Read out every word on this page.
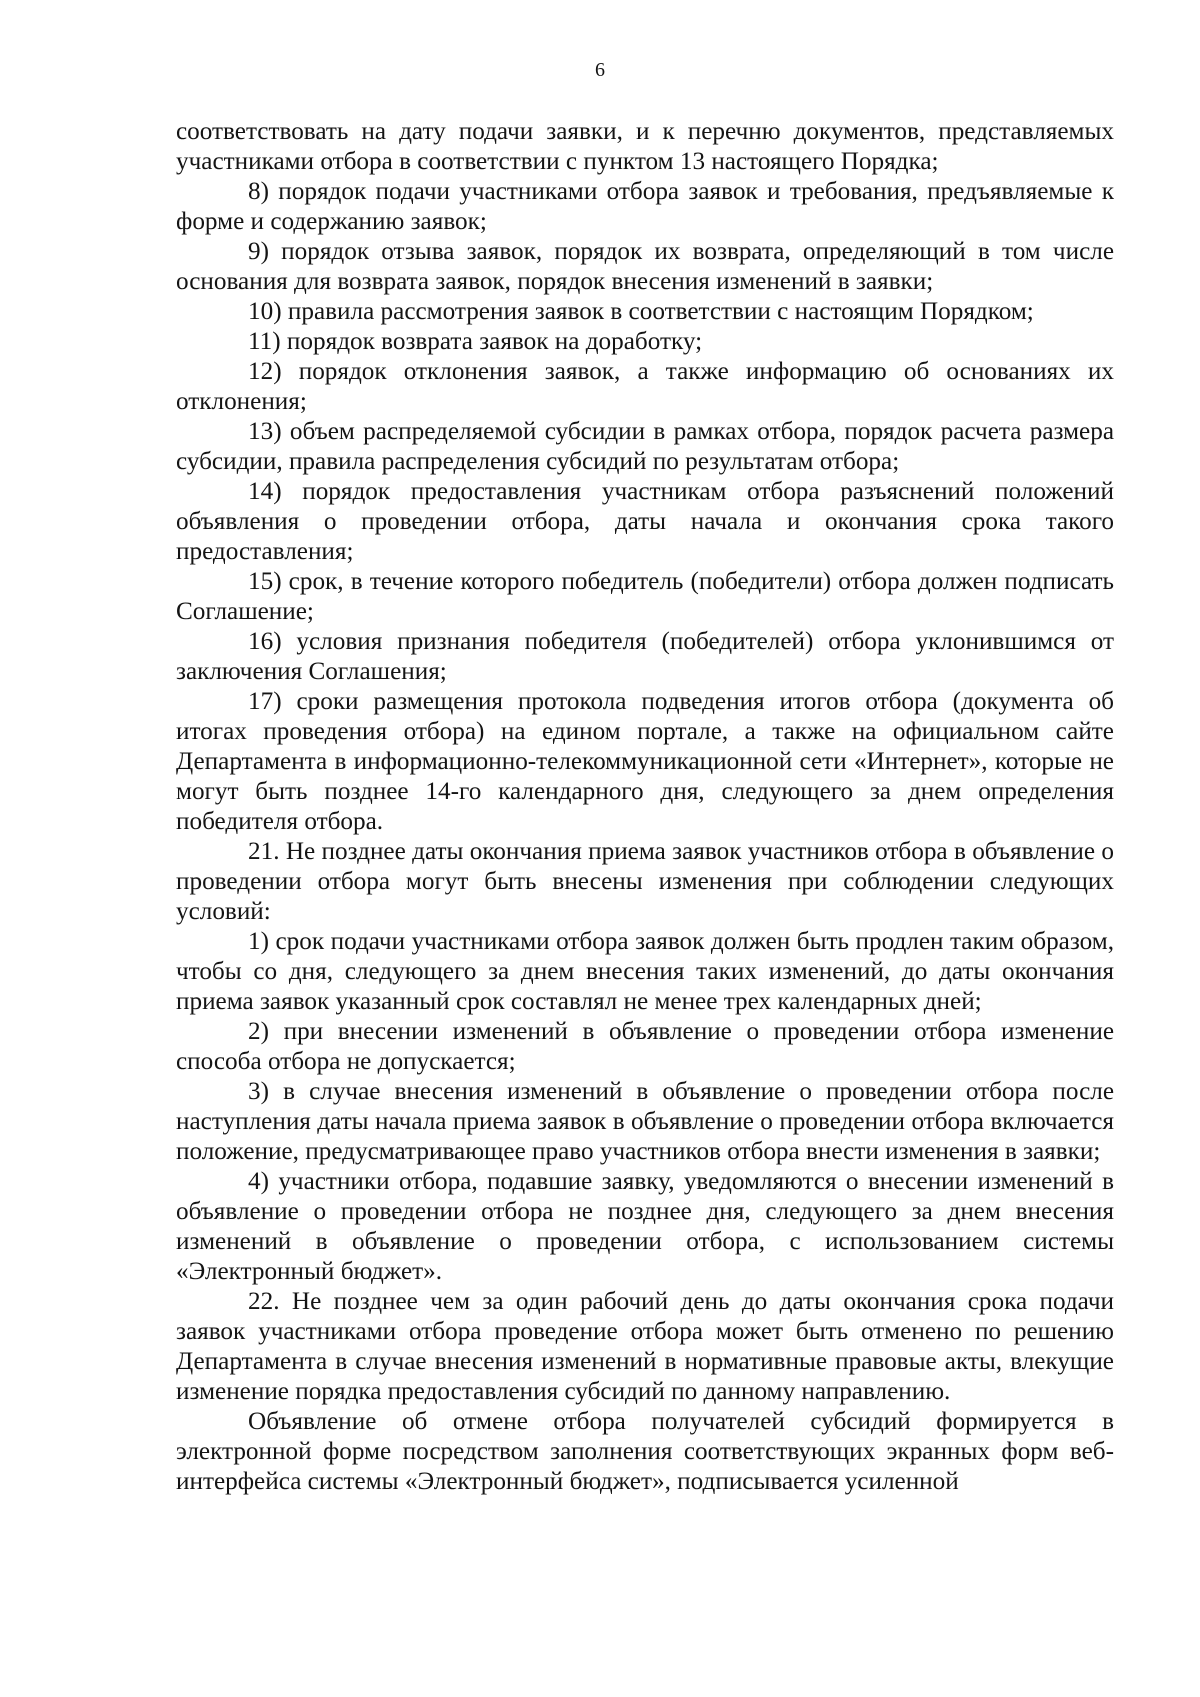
6

соответствовать на дату подачи заявки, и к перечню документов, представляемых участниками отбора в соответствии с пунктом 13 настоящего Порядка;

8) порядок подачи участниками отбора заявок и требования, предъявляемые к форме и содержанию заявок;

9) порядок отзыва заявок, порядок их возврата, определяющий в том числе основания для возврата заявок, порядок внесения изменений в заявки;

10) правила рассмотрения заявок в соответствии с настоящим Порядком;

11) порядок возврата заявок на доработку;

12) порядок отклонения заявок, а также информацию об основаниях их отклонения;

13) объем распределяемой субсидии в рамках отбора, порядок расчета размера субсидии, правила распределения субсидий по результатам отбора;

14) порядок предоставления участникам отбора разъяснений положений объявления о проведении отбора, даты начала и окончания срока такого предоставления;

15) срок, в течение которого победитель (победители) отбора должен подписать Соглашение;

16) условия признания победителя (победителей) отбора уклонившимся от заключения Соглашения;

17) сроки размещения протокола подведения итогов отбора (документа об итогах проведения отбора) на едином портале, а также на официальном сайте Департамента в информационно-телекоммуникационной сети «Интернет», которые не могут быть позднее 14-го календарного дня, следующего за днем определения победителя отбора.

21. Не позднее даты окончания приема заявок участников отбора в объявление о проведении отбора могут быть внесены изменения при соблюдении следующих условий:

1) срок подачи участниками отбора заявок должен быть продлен таким образом, чтобы со дня, следующего за днем внесения таких изменений, до даты окончания приема заявок указанный срок составлял не менее трех календарных дней;

2) при внесении изменений в объявление о проведении отбора изменение способа отбора не допускается;

3) в случае внесения изменений в объявление о проведении отбора после наступления даты начала приема заявок в объявление о проведении отбора включается положение, предусматривающее право участников отбора внести изменения в заявки;

4) участники отбора, подавшие заявку, уведомляются о внесении изменений в объявление о проведении отбора не позднее дня, следующего за днем внесения изменений в объявление о проведении отбора, с использованием системы «Электронный бюджет».

22. Не позднее чем за один рабочий день до даты окончания срока подачи заявок участниками отбора проведение отбора может быть отменено по решению Департамента в случае внесения изменений в нормативные правовые акты, влекущие изменение порядка предоставления субсидий по данному направлению.

Объявление об отмене отбора получателей субсидий формируется в электронной форме посредством заполнения соответствующих экранных форм веб-интерфейса системы «Электронный бюджет», подписывается усиленной
